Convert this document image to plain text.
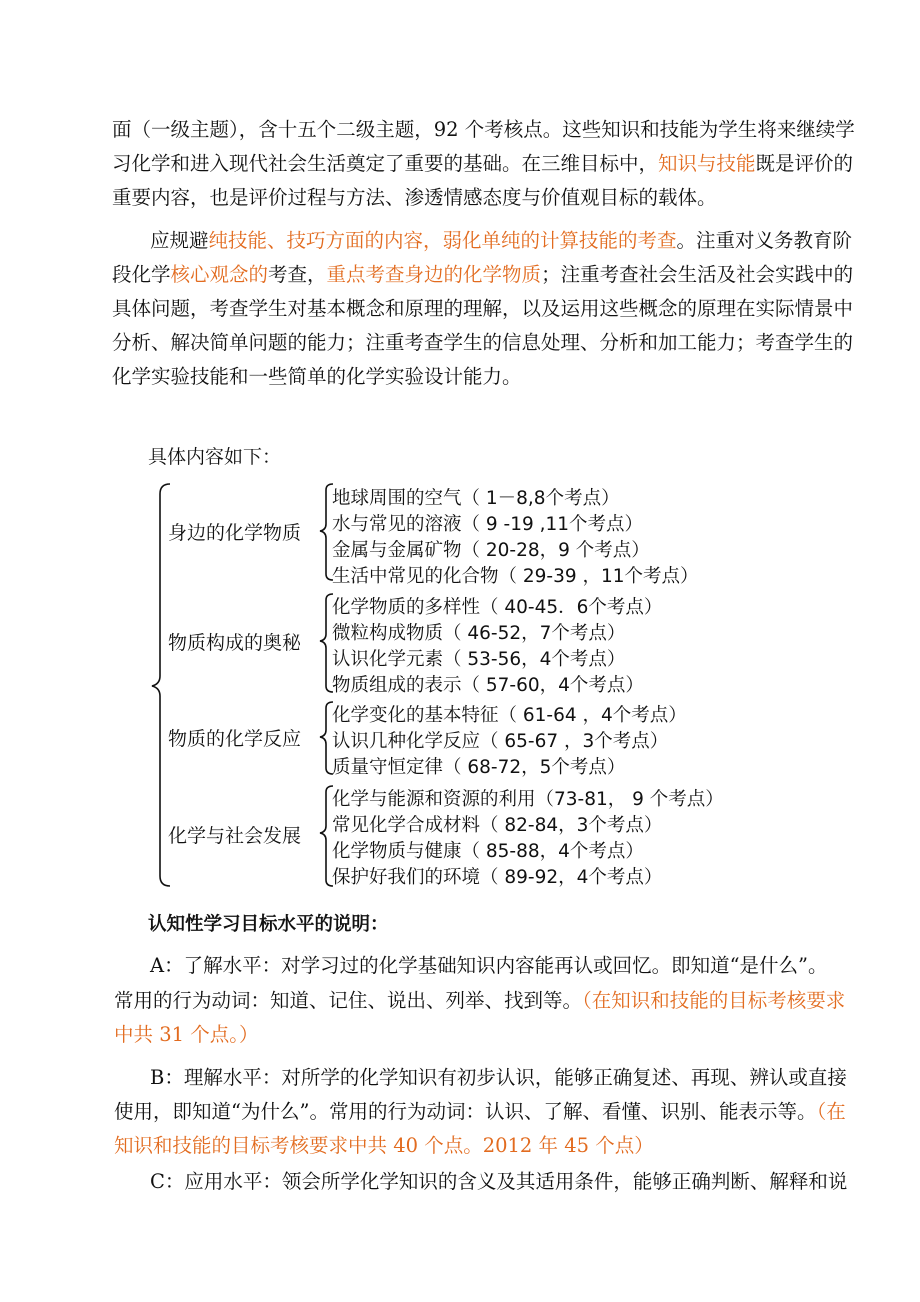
面（一级主题），含十五个二级主题，92 个考核点。这些知识和技能为学生将来继续学
习化学和进入现代社会生活奠定了重要的基础。在三维目标中，知识与技能既是评价的
重要内容，也是评价过程与方法、渗透情感态度与价值观目标的载体。
应规避纯技能、技巧方面的内容，弱化单纯的计算技能的考查。注重对义务教育阶
段化学核心观念的考查，重点考查身边的化学物质；注重考查社会生活及社会实践中的
具体问题，考查学生对基本概念和原理的理解，以及运用这些概念的原理在实际情景中
分析、解决简单问题的能力；注重考查学生的信息处理、分析和加工能力；考查学生的
化学实验技能和一些简单的化学实验设计能力。
具体内容如下：
身边的化学物质
地球周围的空气（ 1－8,8个考点）
水与常见的溶液（ 9 -19 ,11个考点）
金属与金属矿物（ 20-28，9 个考点）
生活中常见的化合物（ 29-39 ，11个考点）
物质构成的奥秘
化学物质的多样性（ 40-45．6个考点）
微粒构成物质（ 46-52，7个考点）
认识化学元素（ 53-56，4个考点）
物质组成的表示（ 57-60，4个考点）
物质的化学反应
化学变化的基本特征（ 61-64 ，4个考点）
认识几种化学反应（ 65-67 ，3个考点）
质量守恒定律（ 68-72，5个考点）
化学与社会发展
化学与能源和资源的利用（73-81， 9 个考点）
常见化学合成材料（ 82-84，3个考点）
化学物质与健康（ 85-88，4个考点）
保护好我们的环境（ 89-92，4个考点）
认知性学习目标水平的说明：
A：了解水平：对学习过的化学基础知识内容能再认或回忆。即知道“是什么”。
常用的行为动词：知道、记住、说出、列举、找到等。（在知识和技能的目标考核要求
中共 31 个点。）
B：理解水平：对所学的化学知识有初步认识，能够正确复述、再现、辨认或直接
使用，即知道“为什么”。常用的行为动词：认识、了解、看懂、识别、能表示等。（在
知识和技能的目标考核要求中共 40 个点。2012 年 45 个点）
C：应用水平：领会所学化学知识的含义及其适用条件，能够正确判断、解释和说
